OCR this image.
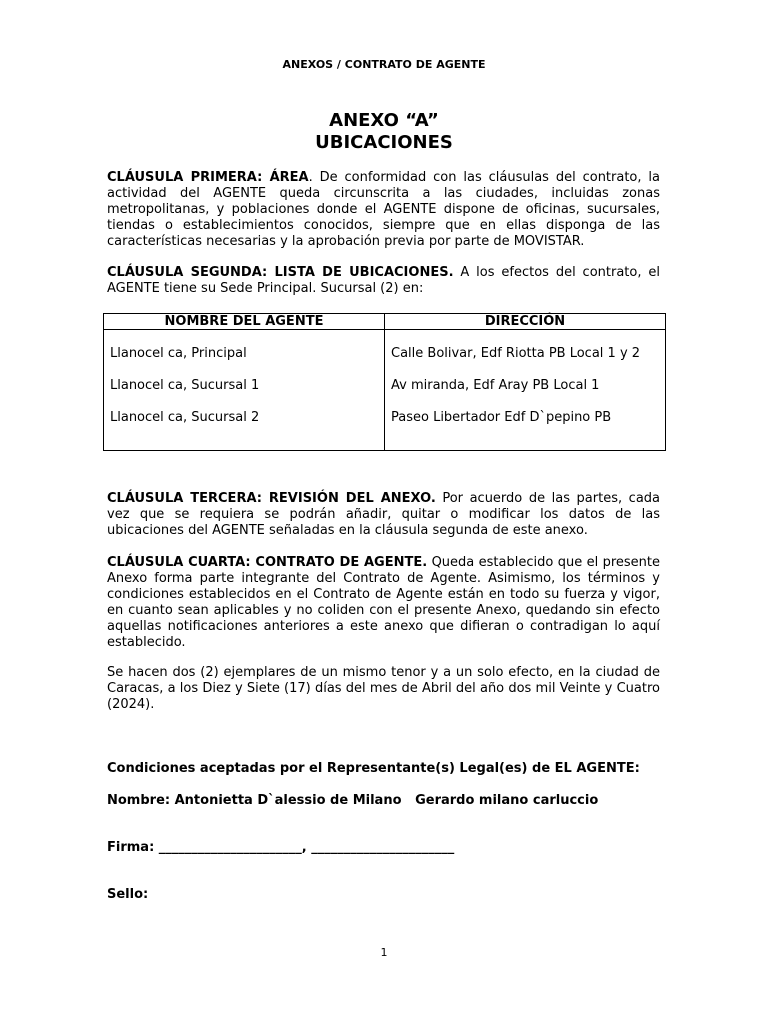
ANEXOS / CONTRATO DE AGENTE
ANEXO “A”
UBICACIONES
CLÁUSULA PRIMERA: ÁREA. De conformidad con las cláusulas del contrato, la actividad del AGENTE queda circunscrita a las ciudades, incluidas zonas metropolitanas, y poblaciones donde el AGENTE dispone de oficinas, sucursales, tiendas o establecimientos conocidos, siempre que en ellas disponga de las características necesarias y la aprobación previa por parte de MOVISTAR.
CLÁUSULA SEGUNDA: LISTA DE UBICACIONES. A los efectos del contrato, el AGENTE tiene su Sede Principal. Sucursal (2) en:
NOMBRE DEL AGENTE	DIRECCIÓN
Llanocel ca, Principal	Calle Bolivar, Edf Riotta PB Local 1 y 2
Llanocel ca, Sucursal 1	Av miranda, Edf Aray PB Local 1
Llanocel ca, Sucursal 2	Paseo Libertador Edf D`pepino PB
CLÁUSULA TERCERA: REVISIÓN DEL ANEXO. Por acuerdo de las partes, cada vez que se requiera se podrán añadir, quitar o modificar los datos de las ubicaciones del AGENTE señaladas en la cláusula segunda de este anexo.
CLÁUSULA CUARTA: CONTRATO DE AGENTE. Queda establecido que el presente Anexo forma parte integrante del Contrato de Agente. Asimismo, los términos y condiciones establecidos en el Contrato de Agente están en todo su fuerza y vigor, en cuanto sean aplicables y no coliden con el presente Anexo, quedando sin efecto aquellas notificaciones anteriores a este anexo que difieran o contradigan lo aquí establecido.
Se hacen dos (2) ejemplares de un mismo tenor y a un solo efecto, en la ciudad de Caracas, a los Diez y Siete (17) días del mes de Abril del año dos mil Veinte y Cuatro (2024).
Condiciones aceptadas por el Representante(s) Legal(es) de EL AGENTE:
Nombre: Antonietta D`alessio de Milano   Gerardo milano carluccio
Firma: ______________________, ______________________
Sello:
1
